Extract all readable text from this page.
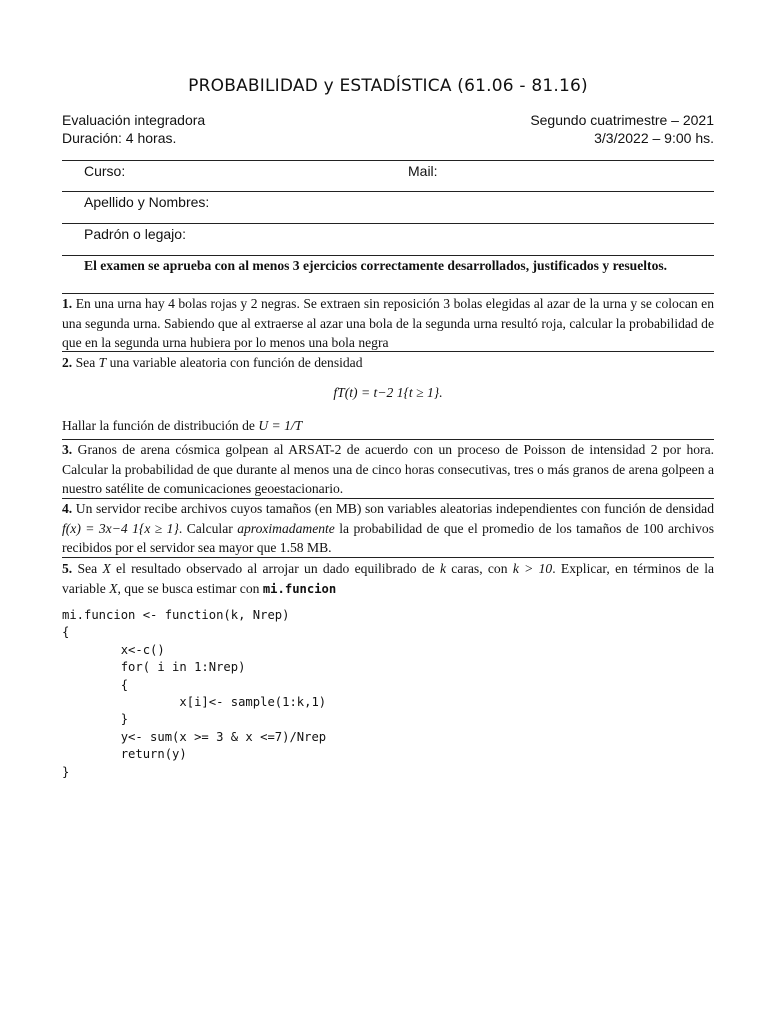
PROBABILIDAD y ESTADÍSTICA (61.06 - 81.16)
Evaluación integradora
Duración: 4 horas.
Segundo cuatrimestre – 2021
3/3/2022 – 9:00 hs.
Curso:	Mail:
Apellido y Nombres:
Padrón o legajo:
El examen se aprueba con al menos 3 ejercicios correctamente desarrollados, justificados y resueltos.
1. En una urna hay 4 bolas rojas y 2 negras. Se extraen sin reposición 3 bolas elegidas al azar de la urna y se colocan en una segunda urna. Sabiendo que al extraerse al azar una bola de la segunda urna resultó roja, calcular la probabilidad de que en la segunda urna hubiera por lo menos una bola negra
2. Sea T una variable aleatoria con función de densidad
fT(t) = t−2 1{t ≥ 1}.
Hallar la función de distribución de U = 1/T
3. Granos de arena cósmica golpean al ARSAT-2 de acuerdo con un proceso de Poisson de intensidad 2 por hora. Calcular la probabilidad de que durante al menos una de cinco horas consecutivas, tres o más granos de arena golpeen a nuestro satélite de comunicaciones geoestacionario.
4. Un servidor recibe archivos cuyos tamaños (en MB) son variables aleatorias independientes con función de densidad f(x) = 3x−4 1{x ≥ 1}. Calcular aproximadamente la probabilidad de que el promedio de los tamaños de 100 archivos recibidos por el servidor sea mayor que 1.58 MB.
5. Sea X el resultado observado al arrojar un dado equilibrado de k caras, con k > 10. Explicar, en términos de la variable X, que se busca estimar con mi.funcion
mi.funcion <- function(k, Nrep)
{
x<-c()
for( i in 1:Nrep)
{
x[i]<- sample(1:k,1)
}
y<- sum(x >= 3 & x <=7)/Nrep
return(y)
}
